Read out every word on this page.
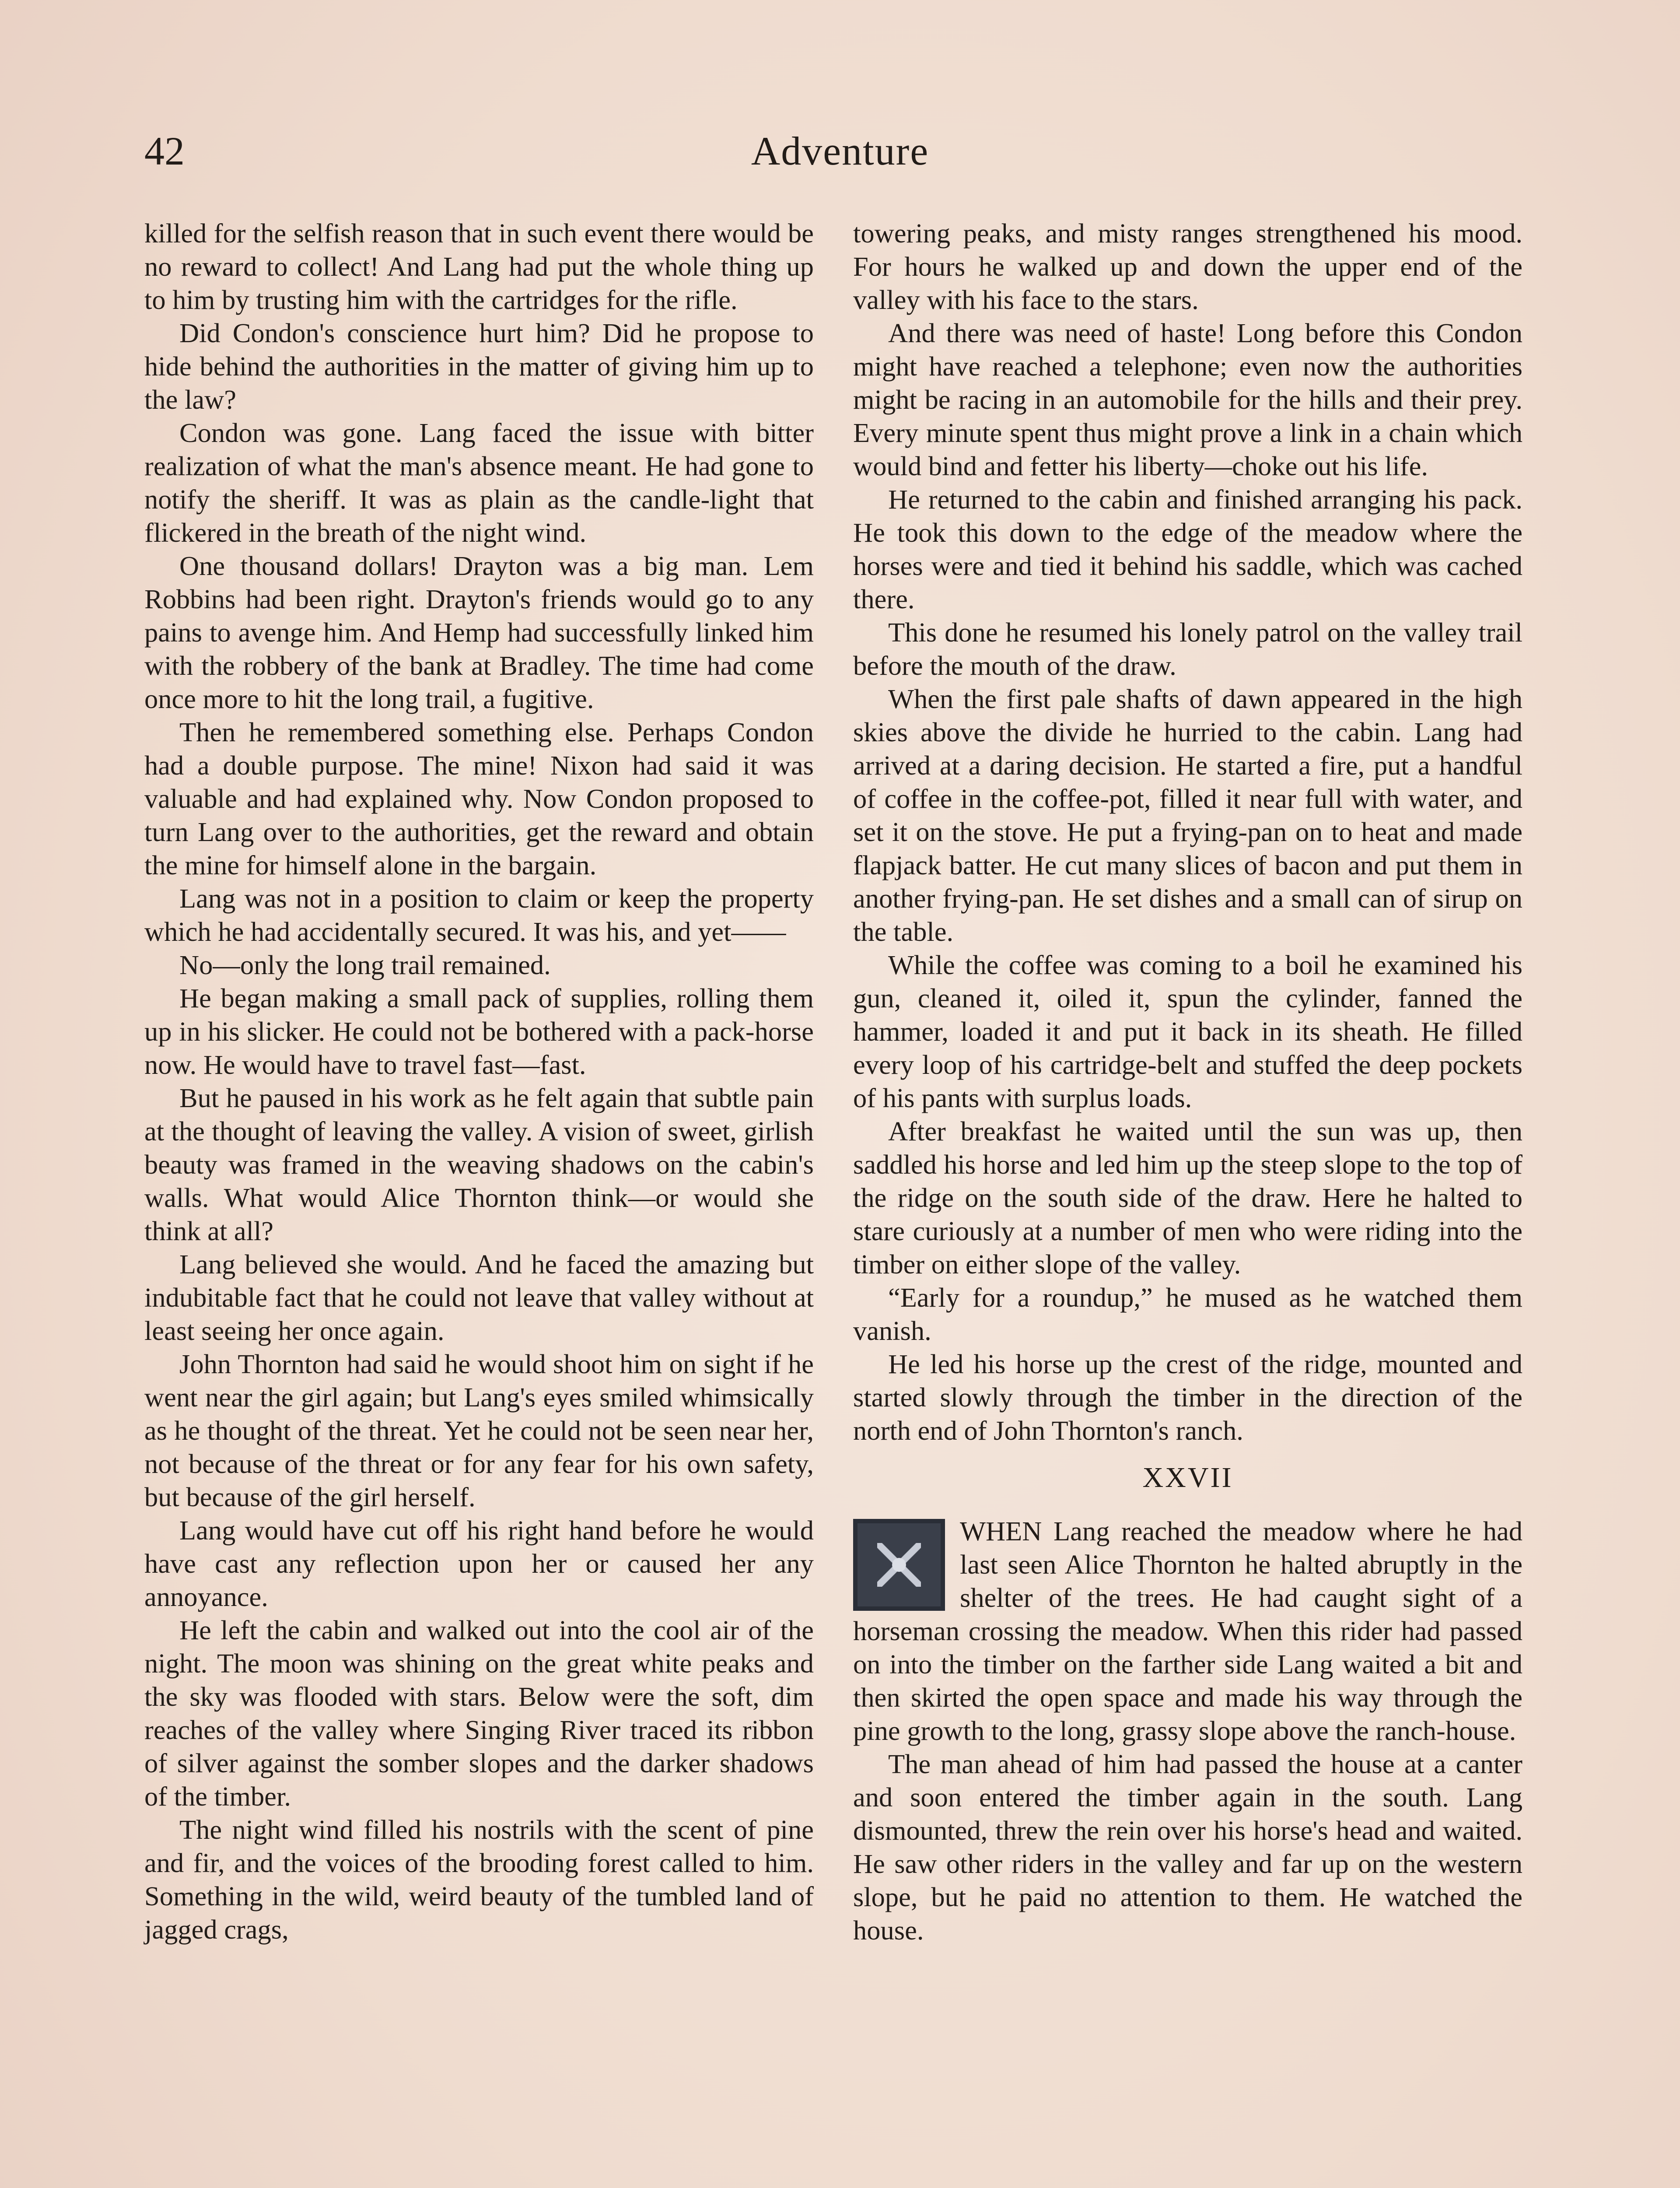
42	Adventure

killed for the selfish reason that in such event there would be no reward to collect! And Lang had put the whole thing up to him by trusting him with the cartridges for the rifle.

Did Condon's conscience hurt him? Did he propose to hide behind the authorities in the matter of giving him up to the law?

Condon was gone. Lang faced the issue with bitter realization of what the man's absence meant. He had gone to notify the sheriff. It was as plain as the candle-light that flickered in the breath of the night wind.

One thousand dollars! Drayton was a big man. Lem Robbins had been right. Drayton's friends would go to any pains to avenge him. And Hemp had successfully linked him with the robbery of the bank at Bradley. The time had come once more to hit the long trail, a fugitive.

Then he remembered something else. Perhaps Condon had a double purpose. The mine! Nixon had said it was valuable and had explained why. Now Condon proposed to turn Lang over to the authorities, get the reward and obtain the mine for himself alone in the bargain.

Lang was not in a position to claim or keep the property which he had accidentally secured. It was his, and yet——

No—only the long trail remained.

He began making a small pack of supplies, rolling them up in his slicker. He could not be bothered with a pack-horse now. He would have to travel fast—fast.

But he paused in his work as he felt again that subtle pain at the thought of leaving the valley. A vision of sweet, girlish beauty was framed in the weaving shadows on the cabin's walls. What would Alice Thornton think—or would she think at all?

Lang believed she would. And he faced the amazing but indubitable fact that he could not leave that valley without at least seeing her once again.

John Thornton had said he would shoot him on sight if he went near the girl again; but Lang's eyes smiled whimsically as he thought of the threat. Yet he could not be seen near her, not because of the threat or for any fear for his own safety, but because of the girl herself.

Lang would have cut off his right hand before he would have cast any reflection upon her or caused her any annoyance.

He left the cabin and walked out into the cool air of the night. The moon was shining on the great white peaks and the sky was flooded with stars. Below were the soft, dim reaches of the valley where Singing River traced its ribbon of silver against the somber slopes and the darker shadows of the timber.

The night wind filled his nostrils with the scent of pine and fir, and the voices of the brooding forest called to him. Something in the wild, weird beauty of the tumbled land of jagged crags,

towering peaks, and misty ranges strengthened his mood. For hours he walked up and down the upper end of the valley with his face to the stars.

And there was need of haste! Long before this Condon might have reached a telephone; even now the authorities might be racing in an automobile for the hills and their prey. Every minute spent thus might prove a link in a chain which would bind and fetter his liberty—choke out his life.

He returned to the cabin and finished arranging his pack. He took this down to the edge of the meadow where the horses were and tied it behind his saddle, which was cached there.

This done he resumed his lonely patrol on the valley trail before the mouth of the draw.

When the first pale shafts of dawn appeared in the high skies above the divide he hurried to the cabin. Lang had arrived at a daring decision. He started a fire, put a handful of coffee in the coffee-pot, filled it near full with water, and set it on the stove. He put a frying-pan on to heat and made flapjack batter. He cut many slices of bacon and put them in another frying-pan. He set dishes and a small can of sirup on the table.

While the coffee was coming to a boil he examined his gun, cleaned it, oiled it, spun the cylinder, fanned the hammer, loaded it and put it back in its sheath. He filled every loop of his cartridge-belt and stuffed the deep pockets of his pants with surplus loads.

After breakfast he waited until the sun was up, then saddled his horse and led him up the steep slope to the top of the ridge on the south side of the draw. Here he halted to stare curiously at a number of men who were riding into the timber on either slope of the valley.

“Early for a roundup,” he mused as he watched them vanish.

He led his horse up the crest of the ridge, mounted and started slowly through the timber in the direction of the north end of John Thornton's ranch.

XXVII

WHEN Lang reached the meadow where he had last seen Alice Thornton he halted abruptly in the shelter of the trees. He had caught sight of a horseman crossing the meadow. When this rider had passed on into the timber on the farther side Lang waited a bit and then skirted the open space and made his way through the pine growth to the long, grassy slope above the ranch-house.

The man ahead of him had passed the house at a canter and soon entered the timber again in the south. Lang dismounted, threw the rein over his horse's head and waited. He saw other riders in the valley and far up on the western slope, but he paid no attention to them. He watched the house.
